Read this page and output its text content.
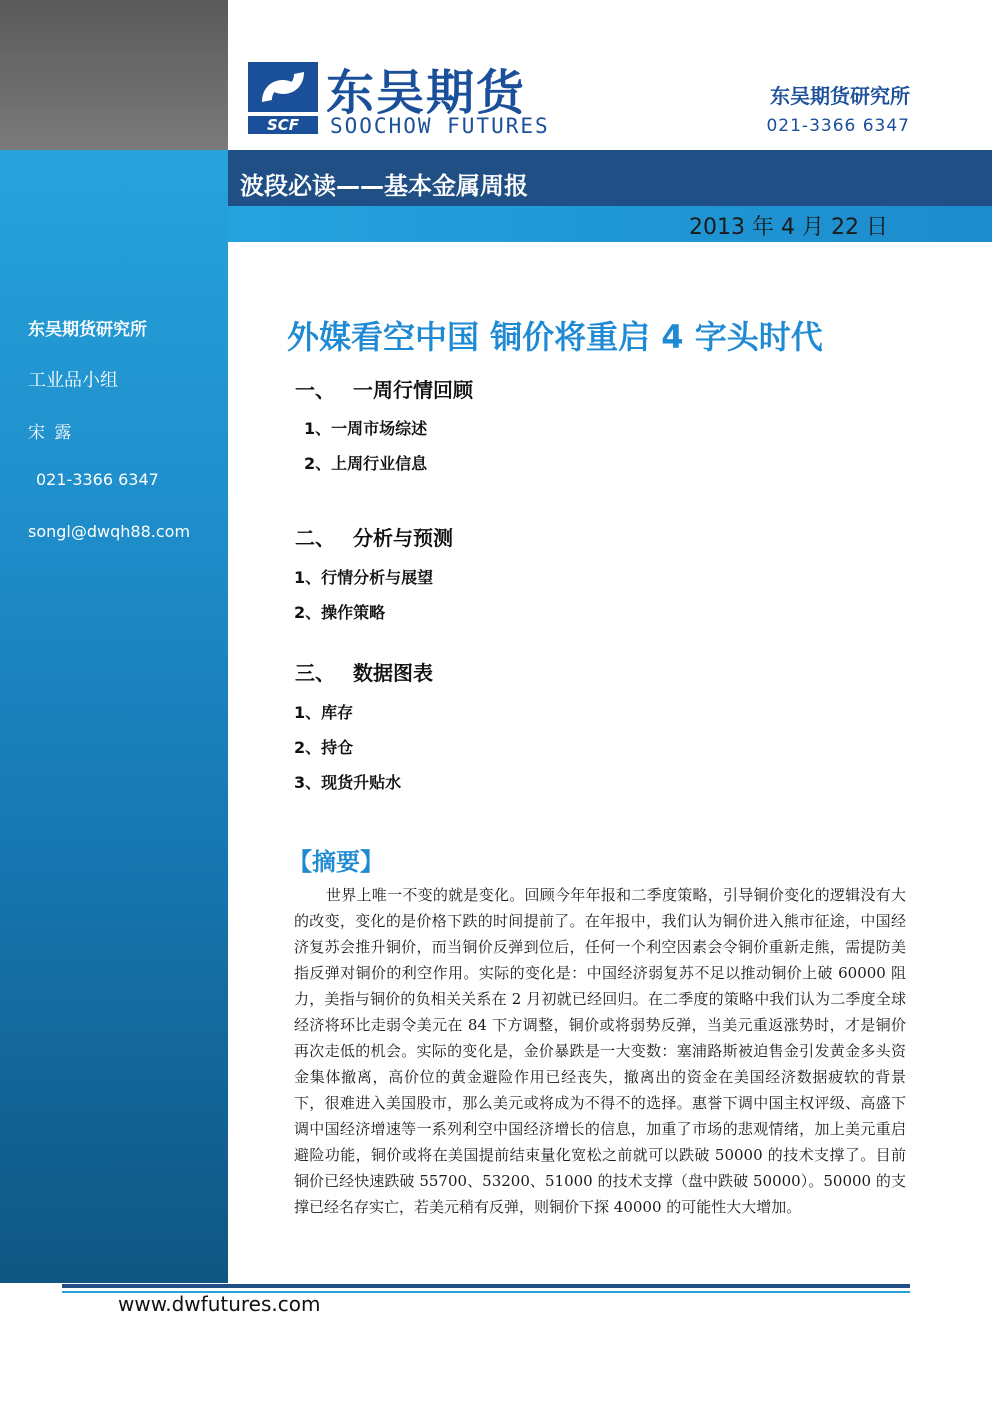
东吴期货研究所
工业品小组
宋 露
021-3366 6347
songl@dwqh88.com
SCF
东吴期货
SOOCHOW FUTURES
东吴期货研究所
021-3366 6347
波段必读——基本金属周报
2013 年 4 月 22 日
外媒看空中国 铜价将重启 4 字头时代
一、 一周行情回顾
1、一周市场综述
2、上周行业信息
二、 分析与预测
1、行情分析与展望
2、操作策略
三、 数据图表
1、库存
2、持仓
3、现货升贴水
【摘要】
世界上唯一不变的就是变化。回顾今年年报和二季度策略，引导铜价变化的逻辑没有大的改变，变化的是价格下跌的时间提前了。在年报中，我们认为铜价进入熊市征途，中国经济复苏会推升铜价，而当铜价反弹到位后，任何一个利空因素会令铜价重新走熊，需提防美指反弹对铜价的利空作用。实际的变化是：中国经济弱复苏不足以推动铜价上破 60000 阻力，美指与铜价的负相关关系在 2 月初就已经回归。在二季度的策略中我们认为二季度全球经济将环比走弱令美元在 84 下方调整，铜价或将弱势反弹，当美元重返涨势时，才是铜价再次走低的机会。实际的变化是，金价暴跌是一大变数：塞浦路斯被迫售金引发黄金多头资金集体撤离，高价位的黄金避险作用已经丧失，撤离出的资金在美国经济数据疲软的背景下，很难进入美国股市，那么美元或将成为不得不的选择。惠誉下调中国主权评级、高盛下调中国经济增速等一系列利空中国经济增长的信息，加重了市场的悲观情绪，加上美元重启避险功能，铜价或将在美国提前结束量化宽松之前就可以跌破 50000 的技术支撑了。目前铜价已经快速跌破 55700、53200、51000 的技术支撑（盘中跌破 50000）。50000 的支撑已经名存实亡，若美元稍有反弹，则铜价下探 40000 的可能性大大增加。
www.dwfutures.com
